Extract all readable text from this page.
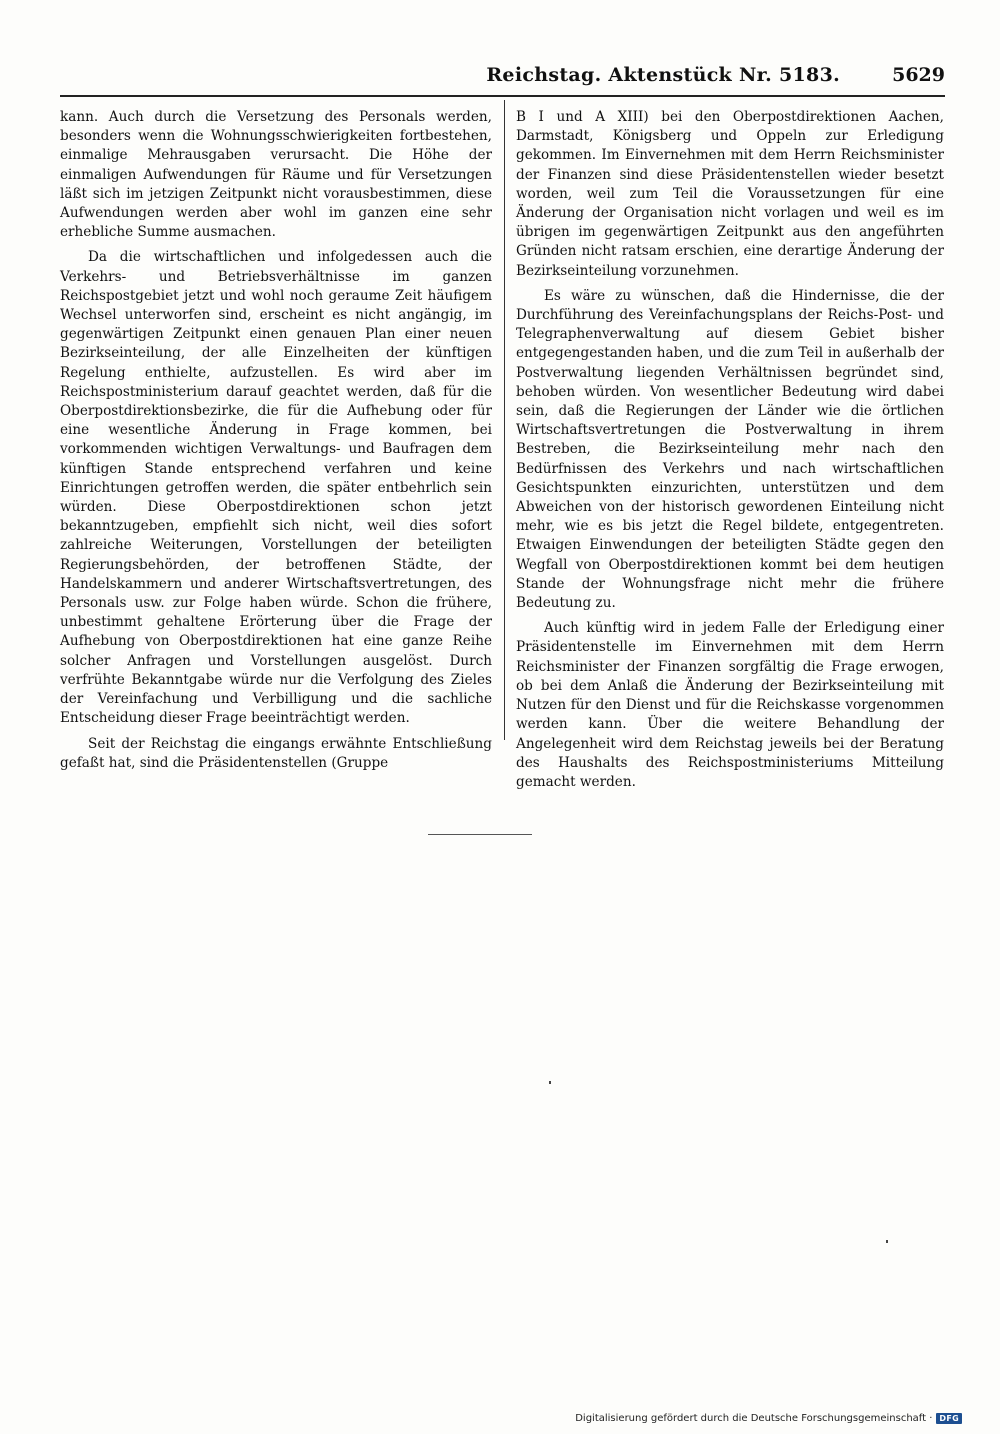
Reichstag. Aktenstück Nr. 5183.	5629

kann. Auch durch die Versetzung des Personals werden, besonders wenn die Wohnungsschwierigkeiten fortbestehen, einmalige Mehrausgaben verursacht. Die Höhe der einmaligen Aufwendungen für Räume und für Versetzungen läßt sich im jetzigen Zeitpunkt nicht vorausbestimmen, diese Aufwendungen werden aber wohl im ganzen eine sehr erhebliche Summe ausmachen.

Da die wirtschaftlichen und infolgedessen auch die Verkehrs- und Betriebsverhältnisse im ganzen Reichspostgebiet jetzt und wohl noch geraume Zeit häufigem Wechsel unterworfen sind, erscheint es nicht angängig, im gegenwärtigen Zeitpunkt einen genauen Plan einer neuen Bezirkseinteilung, der alle Einzelheiten der künftigen Regelung enthielte, aufzustellen. Es wird aber im Reichspostministerium darauf geachtet werden, daß für die Oberpostdirektionsbezirke, die für die Aufhebung oder für eine wesentliche Änderung in Frage kommen, bei vorkommenden wichtigen Verwaltungs- und Baufragen dem künftigen Stande entsprechend verfahren und keine Einrichtungen getroffen werden, die später entbehrlich sein würden. Diese Oberpostdirektionen schon jetzt bekanntzugeben, empfiehlt sich nicht, weil dies sofort zahlreiche Weiterungen, Vorstellungen der beteiligten Regierungsbehörden, der betroffenen Städte, der Handelskammern und anderer Wirtschaftsvertretungen, des Personals usw. zur Folge haben würde. Schon die frühere, unbestimmt gehaltene Erörterung über die Frage der Aufhebung von Oberpostdirektionen hat eine ganze Reihe solcher Anfragen und Vorstellungen ausgelöst. Durch verfrühte Bekanntgabe würde nur die Verfolgung des Zieles der Vereinfachung und Verbilligung und die sachliche Entscheidung dieser Frage beeinträchtigt werden.

Seit der Reichstag die eingangs erwähnte Entschließung gefaßt hat, sind die Präsidentenstellen (Gruppe

B I und A XIII) bei den Oberpostdirektionen Aachen, Darmstadt, Königsberg und Oppeln zur Erledigung gekommen. Im Einvernehmen mit dem Herrn Reichsminister der Finanzen sind diese Präsidentenstellen wieder besetzt worden, weil zum Teil die Voraussetzungen für eine Änderung der Organisation nicht vorlagen und weil es im übrigen im gegenwärtigen Zeitpunkt aus den angeführten Gründen nicht ratsam erschien, eine derartige Änderung der Bezirkseinteilung vorzunehmen.

Es wäre zu wünschen, daß die Hindernisse, die der Durchführung des Vereinfachungsplans der Reichs-Post- und Telegraphenverwaltung auf diesem Gebiet bisher entgegengestanden haben, und die zum Teil in außerhalb der Postverwaltung liegenden Verhältnissen begründet sind, behoben würden. Von wesentlicher Bedeutung wird dabei sein, daß die Regierungen der Länder wie die örtlichen Wirtschaftsvertretungen die Postverwaltung in ihrem Bestreben, die Bezirkseinteilung mehr nach den Bedürfnissen des Verkehrs und nach wirtschaftlichen Gesichtspunkten einzurichten, unterstützen und dem Abweichen von der historisch gewordenen Einteilung nicht mehr, wie es bis jetzt die Regel bildete, entgegentreten. Etwaigen Einwendungen der beteiligten Städte gegen den Wegfall von Oberpostdirektionen kommt bei dem heutigen Stande der Wohnungsfrage nicht mehr die frühere Bedeutung zu.

Auch künftig wird in jedem Falle der Erledigung einer Präsidentenstelle im Einvernehmen mit dem Herrn Reichsminister der Finanzen sorgfältig die Frage erwogen, ob bei dem Anlaß die Änderung der Bezirkseinteilung mit Nutzen für den Dienst und für die Reichskasse vorgenommen werden kann. Über die weitere Behandlung der Angelegenheit wird dem Reichstag jeweils bei der Beratung des Haushalts des Reichspostministeriums Mitteilung gemacht werden.

Digitalisierung gefördert durch die Deutsche Forschungsgemeinschaft · DFG
